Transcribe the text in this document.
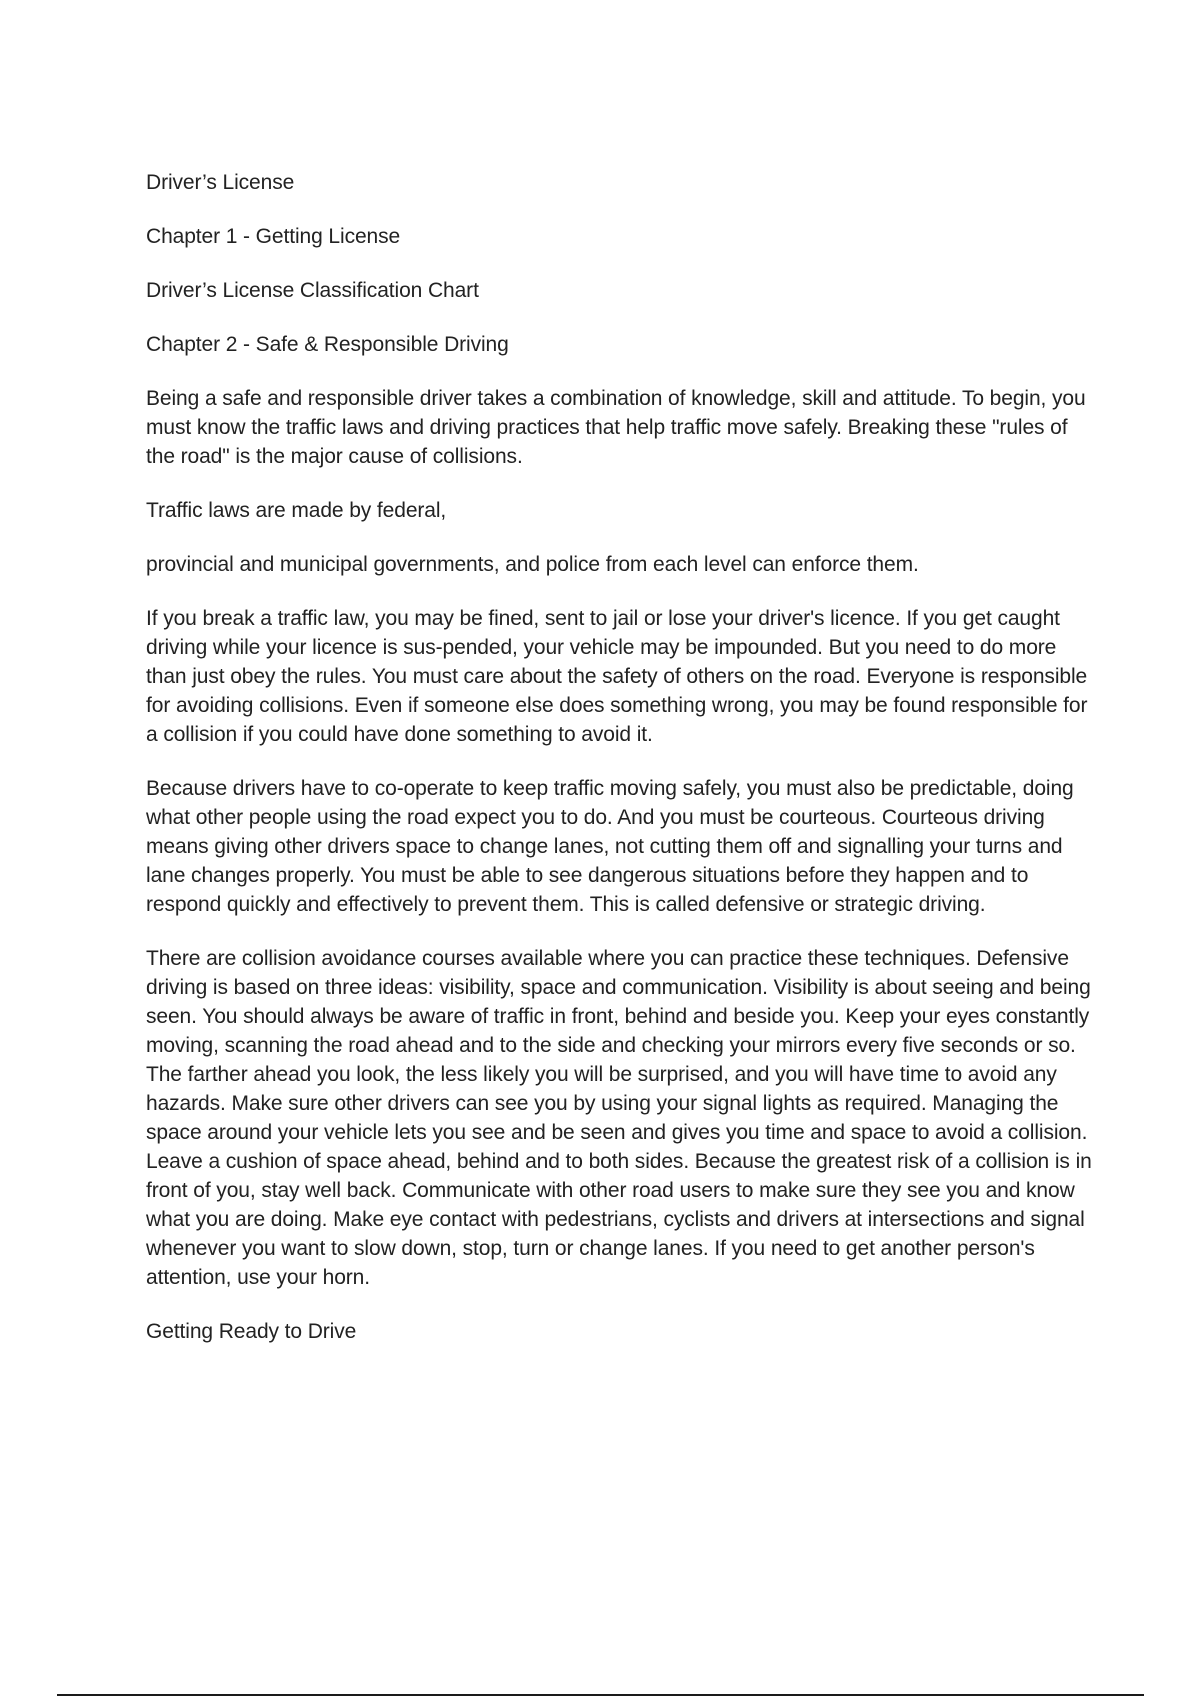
Driver’s License

Chapter 1 - Getting License

Driver’s License Classification Chart

Chapter 2 - Safe & Responsible Driving

Being a safe and responsible driver takes a combination of knowledge, skill and attitude. To begin, you must know the traffic laws and driving practices that help traffic move safely. Breaking these "rules of the road" is the major cause of collisions.

Traffic laws are made by federal,

provincial and municipal governments, and police from each level can enforce them.

If you break a traffic law, you may be fined, sent to jail or lose your driver's licence. If you get caught driving while your licence is sus-pended, your vehicle may be impounded. But you need to do more than just obey the rules. You must care about the safety of others on the road. Everyone is responsible for avoiding collisions. Even if someone else does something wrong, you may be found responsible for a collision if you could have done something to avoid it.

Because drivers have to co-operate to keep traffic moving safely, you must also be predictable, doing what other people using the road expect you to do. And you must be courteous. Courteous driving means giving other drivers space to change lanes, not cutting them off and signalling your turns and lane changes properly. You must be able to see dangerous situations before they happen and to respond quickly and effectively to prevent them. This is called defensive or strategic driving.

There are collision avoidance courses available where you can practice these techniques. Defensive driving is based on three ideas: visibility, space and communication. Visibility is about seeing and being seen. You should always be aware of traffic in front, behind and beside you. Keep your eyes constantly moving, scanning the road ahead and to the side and checking your mirrors every five seconds or so. The farther ahead you look, the less likely you will be surprised, and you will have time to avoid any hazards. Make sure other drivers can see you by using your signal lights as required. Managing the space around your vehicle lets you see and be seen and gives you time and space to avoid a collision. Leave a cushion of space ahead, behind and to both sides. Because the greatest risk of a collision is in front of you, stay well back. Communicate with other road users to make sure they see you and know what you are doing. Make eye contact with pedestrians, cyclists and drivers at intersections and signal whenever you want to slow down, stop, turn or change lanes. If you need to get another person's attention, use your horn.

Getting Ready to Drive
